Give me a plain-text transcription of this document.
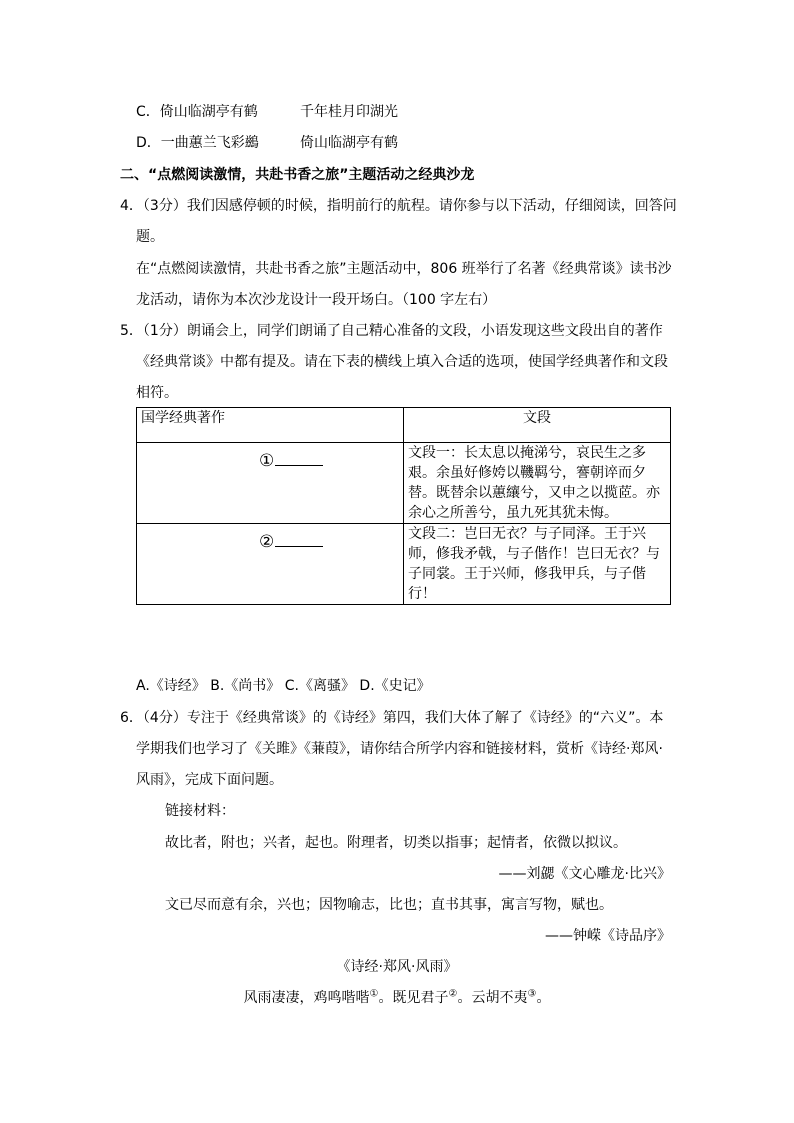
C．倚山临湖亭有鹤	千年桂月印湖光
D．一曲蕙兰飞彩鷀	倚山临湖亭有鹤
二、“点燃阅读激情，共赴书香之旅”主题活动之经典沙龙
4．（3分）我们因感停顿的时候，指明前行的航程。请你参与以下活动，仔细阅读，回答问
题。
在“点燃阅读激情，共赴书香之旅”主题活动中，806 班举行了名著《经典常谈》读书沙
龙活动，请你为本次沙龙设计一段开场白。（100 字左右）
5．（1分）朗诵会上，同学们朗诵了自己精心准备的文段，小语发现这些文段出自的著作
《经典常谈》中都有提及。请在下表的横线上填入合适的选项，使国学经典著作和文段
相符。
国学经典著作	文段

①	文段一：长太息以掩涕兮，哀民生之多艰。余虽好修姱以鞿羁兮，謇朝谇而夕替。既替余以蕙纕兮，又申之以揽茝。亦余心之所善兮，虽九死其犹未悔。

②	文段二：岂曰无衣？与子同泽。王于兴师，修我矛戟，与子偕作！岂曰无衣？与子同裳。王于兴师，修我甲兵，与子偕行！
A.《诗经》 B.《尚书》 C.《离骚》 D.《史记》
6．（4分）专注于《经典常谈》的《诗经》第四，我们大体了解了《诗经》的“六义”。本
学期我们也学习了《关雎》《蒹葭》，请你结合所学内容和链接材料，赏析《诗经·郑风·
风雨》，完成下面问题。
链接材料：
故比者，附也；兴者，起也。附理者，切类以指事；起情者，依微以拟议。
——刘勰《文心雕龙·比兴》
文已尽而意有余，兴也；因物喻志，比也；直书其事，寓言写物，赋也。
——钟嵘《诗品序》
《诗经·郑风·风雨》
风雨凄凄，鸡鸣喈喈①。既见君子②。云胡不夷③。
